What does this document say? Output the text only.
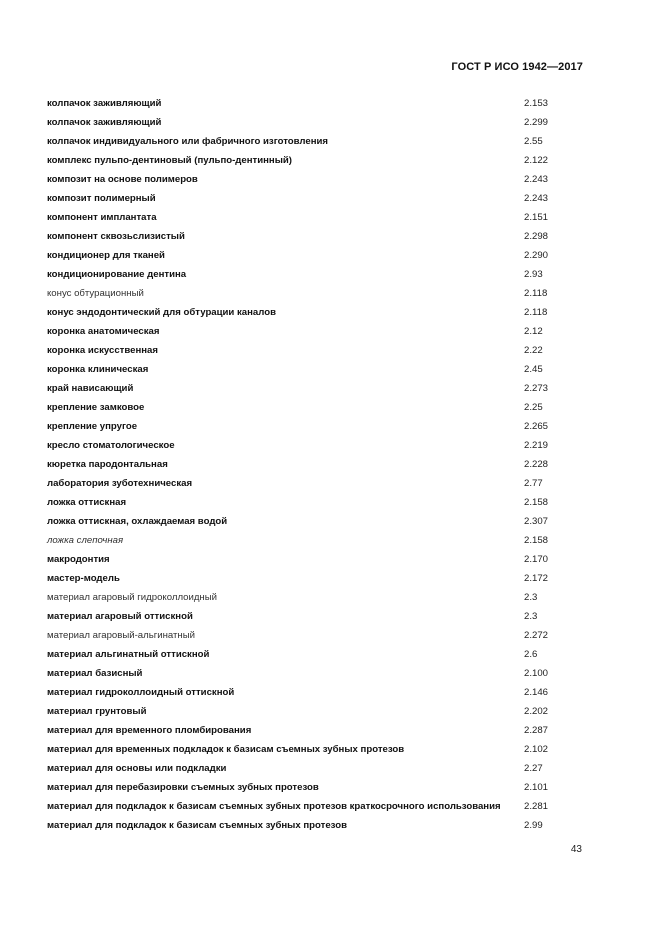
ГОСТ Р ИСО 1942—2017
колпачок заживляющий	2.153
колпачок заживляющий	2.299
колпачок индивидуального или фабричного изготовления	2.55
комплекс пульпо-дентиновый (пульпо-дентинный)	2.122
композит на основе полимеров	2.243
композит полимерный	2.243
компонент имплантата	2.151
компонент сквозьслизистый	2.298
кондиционер для тканей	2.290
кондиционирование дентина	2.93
конус обтурационный	2.118
конус эндодонтический для обтурации каналов	2.118
коронка анатомическая	2.12
коронка искусственная	2.22
коронка клиническая	2.45
край нависающий	2.273
крепление замковое	2.25
крепление упругое	2.265
кресло стоматологическое	2.219
кюретка пародонтальная	2.228
лаборатория зуботехническая	2.77
ложка оттискная	2.158
ложка оттискная, охлаждаемая водой	2.307
ложка слепочная	2.158
макродонтия	2.170
мастер-модель	2.172
материал агаровый гидроколлоидный	2.3
материал агаровый оттискной	2.3
материал агаровый-альгинатный	2.272
материал альгинатный оттискной	2.6
материал базисный	2.100
материал гидроколлоидный оттискной	2.146
материал грунтовый	2.202
материал для временного пломбирования	2.287
материал для временных подкладок к базисам съемных зубных протезов	2.102
материал для основы или подкладки	2.27
материал для перебазировки съемных зубных протезов	2.101
материал для подкладок к базисам съемных зубных протезов краткосрочного использования 2.281
материал для подкладок к базисам съемных зубных протезов	2.99
43
